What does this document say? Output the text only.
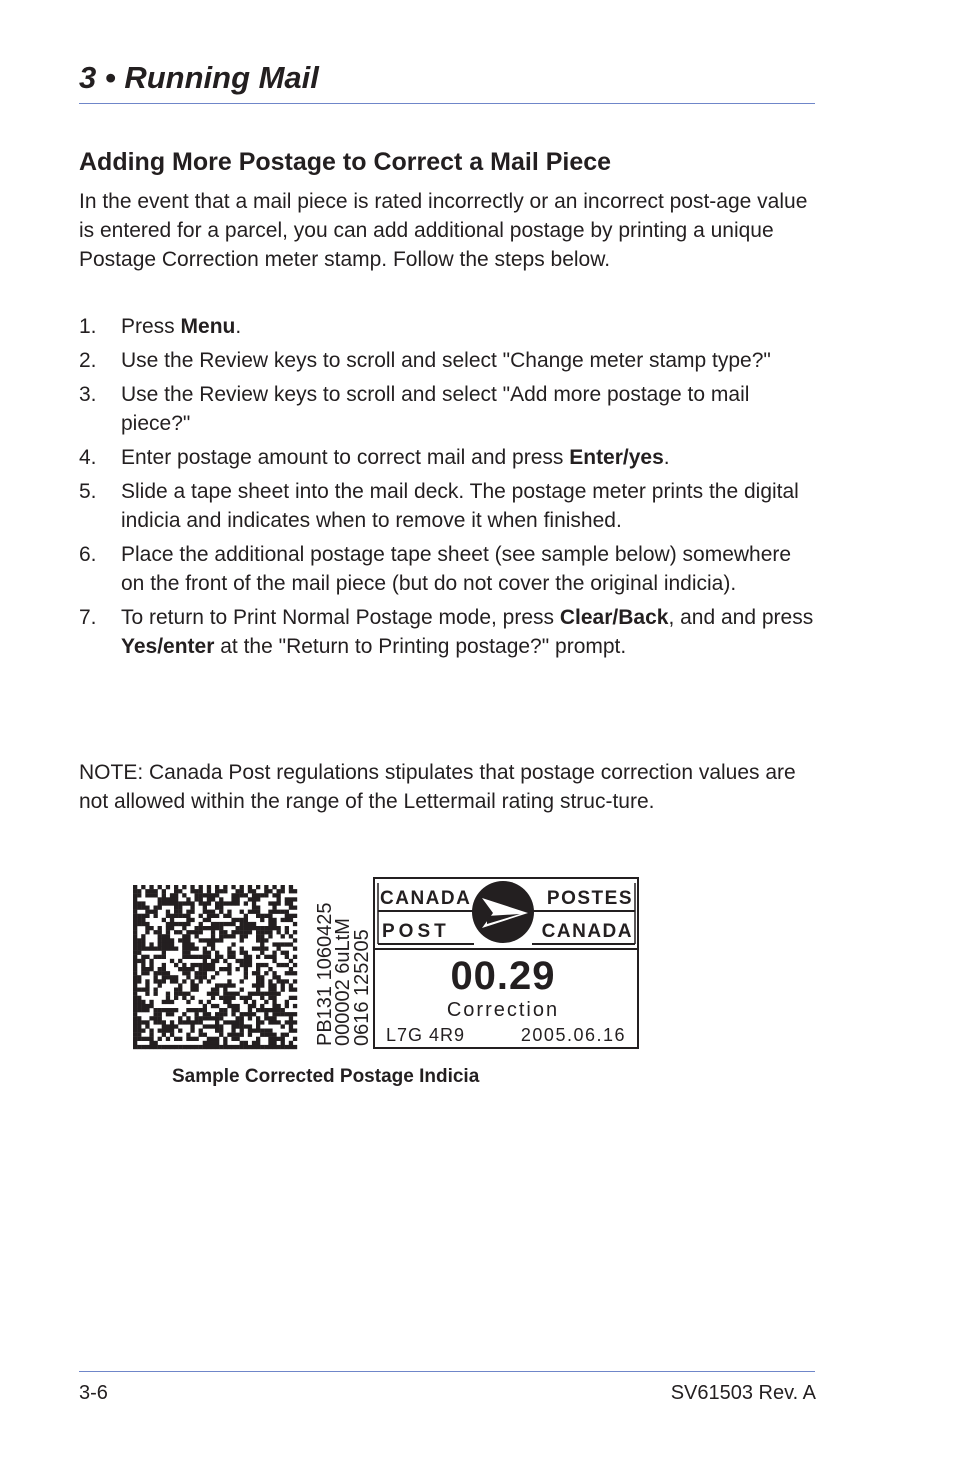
3 • Running Mail
Adding More Postage to Correct a Mail Piece

In the event that a mail piece is rated incorrectly or an incorrect post-age value is entered for a parcel, you can add additional postage by printing a unique Postage Correction meter stamp. Follow the steps below.

1.	Press Menu.
2.	Use the Review keys to scroll and select "Change meter stamp type?"
3.	Use the Review keys to scroll and select "Add more postage to mail piece?"
4.	Enter postage amount to correct mail and press Enter/yes.
5.	Slide a tape sheet into the mail deck. The postage meter prints the digital indicia and indicates when to remove it when finished.
6.	Place the additional postage tape sheet (see sample below) somewhere on the front of the mail piece (but do not cover the original indicia).
7.	To return to Print Normal Postage mode, press Clear/Back, and and press Yes/enter at the "Return to Printing postage?" prompt.

NOTE: Canada Post regulations stipulates that postage correction values are not allowed within the range of the Lettermail rating struc-ture.

PB131 1060425
000002 6uLtM
0616 125205
CANADA
POST
POSTES
CANADA
00.29
Correction
L7G 4R9	2005.06.16
Sample Corrected Postage Indicia
3-6	SV61503 Rev. A
